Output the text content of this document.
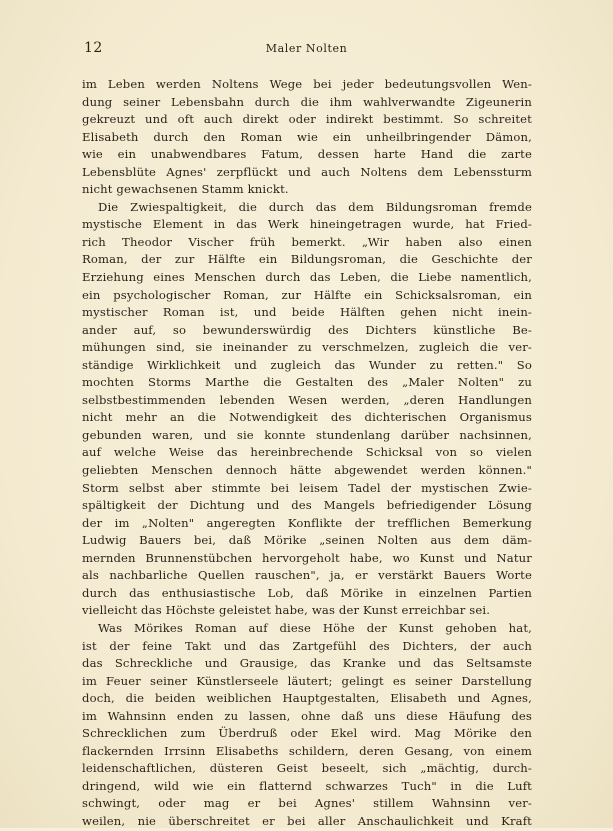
12	Maler Nolten

im Leben werden Noltens Wege bei jeder bedeutungsvollen Wen-
dung seiner Lebensbahn durch die ihm wahlverwandte Zigeunerin
gekreuzt und oft auch direkt oder indirekt bestimmt. So schreitet
Elisabeth durch den Roman wie ein unheilbringender Dämon,
wie ein unabwendbares Fatum, dessen harte Hand die zarte
Lebensblüte Agnes' zerpflückt und auch Noltens dem Lebenssturm
nicht gewachsenen Stamm knickt.

Die Zwiespaltigkeit, die durch das dem Bildungsroman fremde
mystische Element in das Werk hineingetragen wurde, hat Fried-
rich Theodor Vischer früh bemerkt. „Wir haben also einen
Roman, der zur Hälfte ein Bildungsroman, die Geschichte der
Erziehung eines Menschen durch das Leben, die Liebe namentlich,
ein psychologischer Roman, zur Hälfte ein Schicksalsroman, ein
mystischer Roman ist, und beide Hälften gehen nicht inein-
ander auf, so bewunderswürdig des Dichters künstliche Be-
mühungen sind, sie ineinander zu verschmelzen, zugleich die ver-
ständige Wirklichkeit und zugleich das Wunder zu retten." So
mochten Storms Marthe die Gestalten des „Maler Nolten" zu
selbstbestimmenden lebenden Wesen werden, „deren Handlungen
nicht mehr an die Notwendigkeit des dichterischen Organismus
gebunden waren, und sie konnte stundenlang darüber nachsinnen,
auf welche Weise das hereinbrechende Schicksal von so vielen
geliebten Menschen dennoch hätte abgewendet werden können."
Storm selbst aber stimmte bei leisem Tadel der mystischen Zwie-
spältigkeit der Dichtung und des Mangels befriedigender Lösung
der im „Nolten" angeregten Konflikte der trefflichen Bemerkung
Ludwig Bauers bei, daß Mörike „seinen Nolten aus dem däm-
mernden Brunnenstübchen hervorgeholt habe, wo Kunst und Natur
als nachbarliche Quellen rauschen", ja, er verstärkt Bauers Worte
durch das enthusiastische Lob, daß Mörike in einzelnen Partien
vielleicht das Höchste geleistet habe, was der Kunst erreichbar sei.

Was Mörikes Roman auf diese Höhe der Kunst gehoben hat,
ist der feine Takt und das Zartgefühl des Dichters, der auch
das Schreckliche und Grausige, das Kranke und das Seltsamste
im Feuer seiner Künstlerseele läutert; gelingt es seiner Darstellung
doch, die beiden weiblichen Hauptgestalten, Elisabeth und Agnes,
im Wahnsinn enden zu lassen, ohne daß uns diese Häufung des
Schrecklichen zum Überdruß oder Ekel wird. Mag Mörike den
flackernden Irrsinn Elisabeths schildern, deren Gesang, von einem
leidenschaftlichen, düsteren Geist beseelt, sich „mächtig, durch-
dringend, wild wie ein flatternd schwarzes Tuch" in die Luft
schwingt, oder mag er bei Agnes' stillem Wahnsinn ver-
weilen, nie überschreitet er bei aller Anschaulichkeit und Kraft
